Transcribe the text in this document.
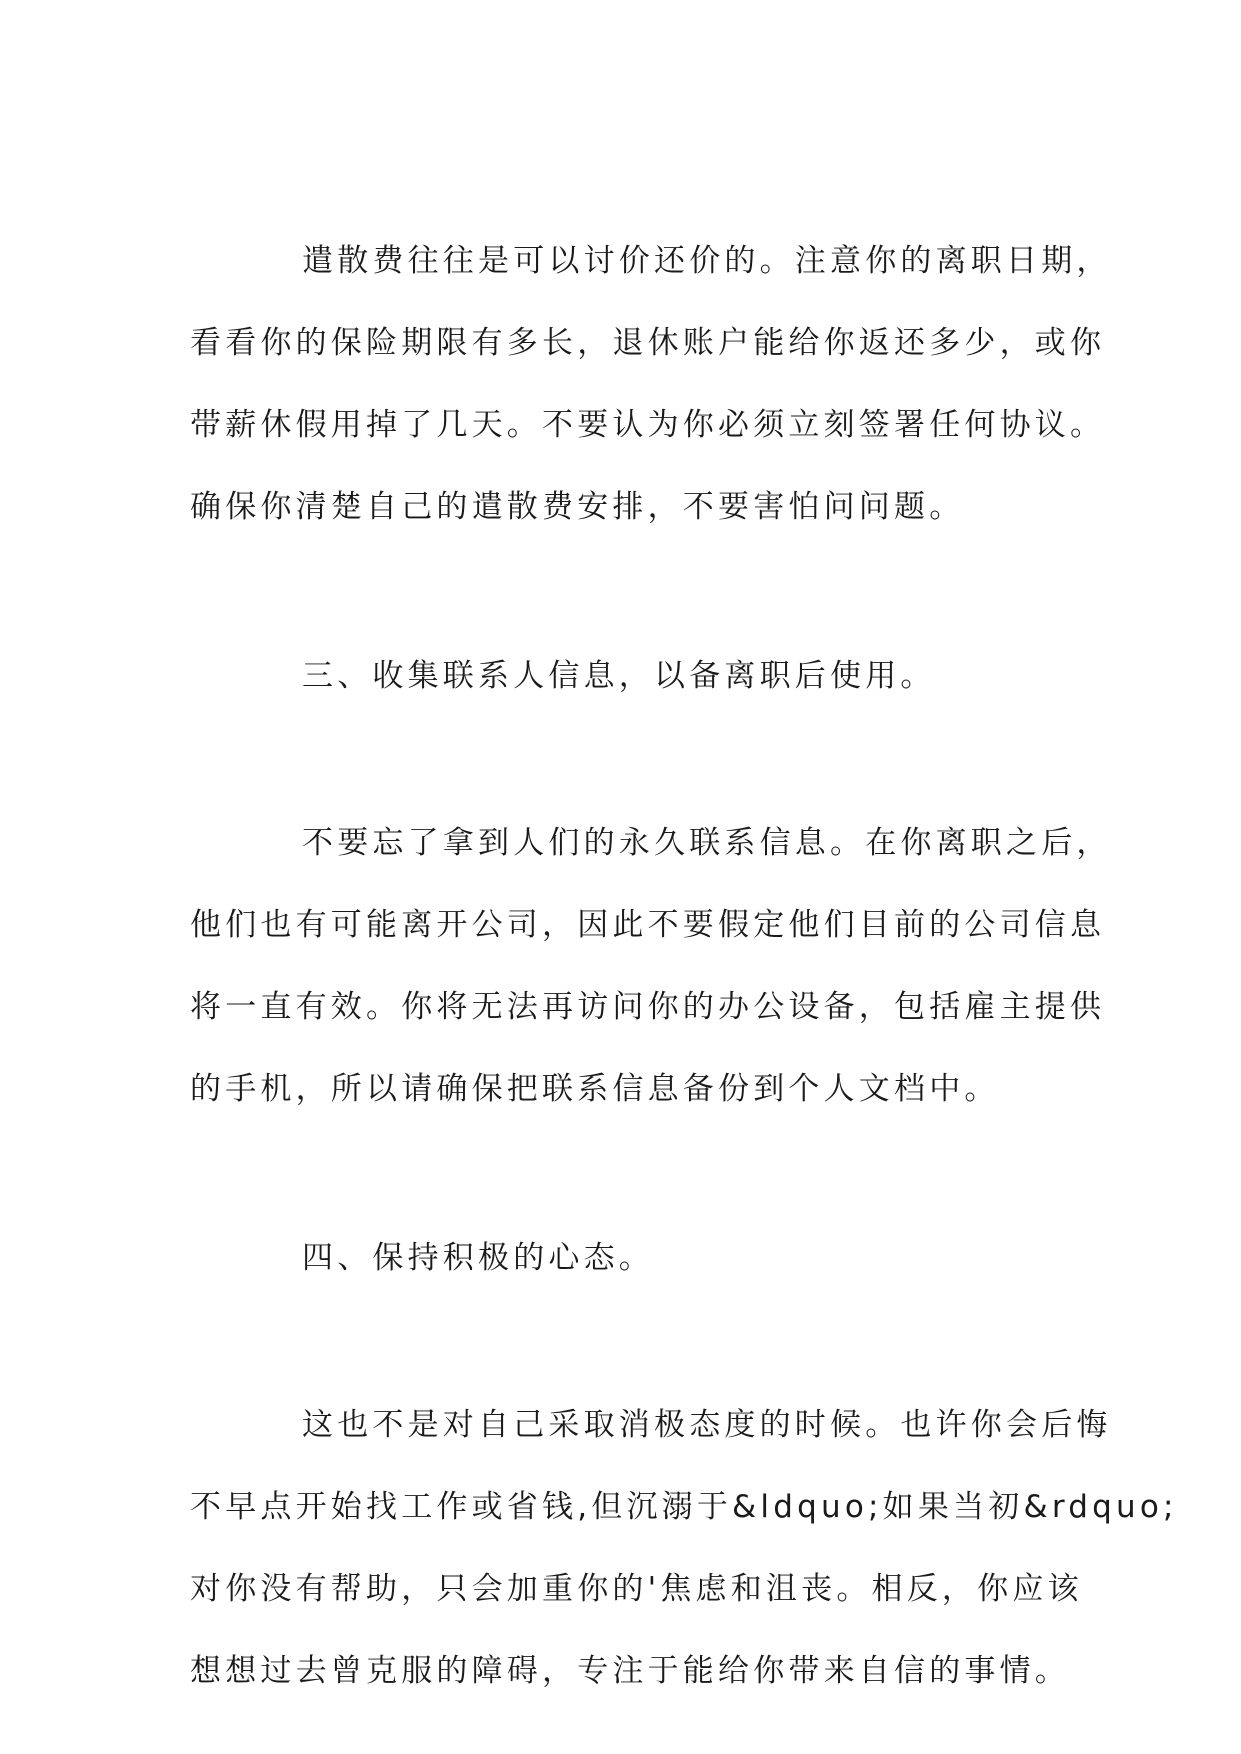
遣散费往往是可以讨价还价的。注意你的离职日期，

看看你的保险期限有多长，退休账户能给你返还多少，或你

带薪休假用掉了几天。不要认为你必须立刻签署任何协议。

确保你清楚自己的遣散费安排，不要害怕问问题。

三、收集联系人信息，以备离职后使用。

不要忘了拿到人们的永久联系信息。在你离职之后，

他们也有可能离开公司，因此不要假定他们目前的公司信息

将一直有效。你将无法再访问你的办公设备，包括雇主提供

的手机，所以请确保把联系信息备份到个人文档中。

四、保持积极的心态。

这也不是对自己采取消极态度的时候。也许你会后悔

不早点开始找工作或省钱,但沉溺于&ldquo;如果当初&rdquo;

对你没有帮助，只会加重你的'焦虑和沮丧。相反，你应该

想想过去曾克服的障碍，专注于能给你带来自信的事情。
